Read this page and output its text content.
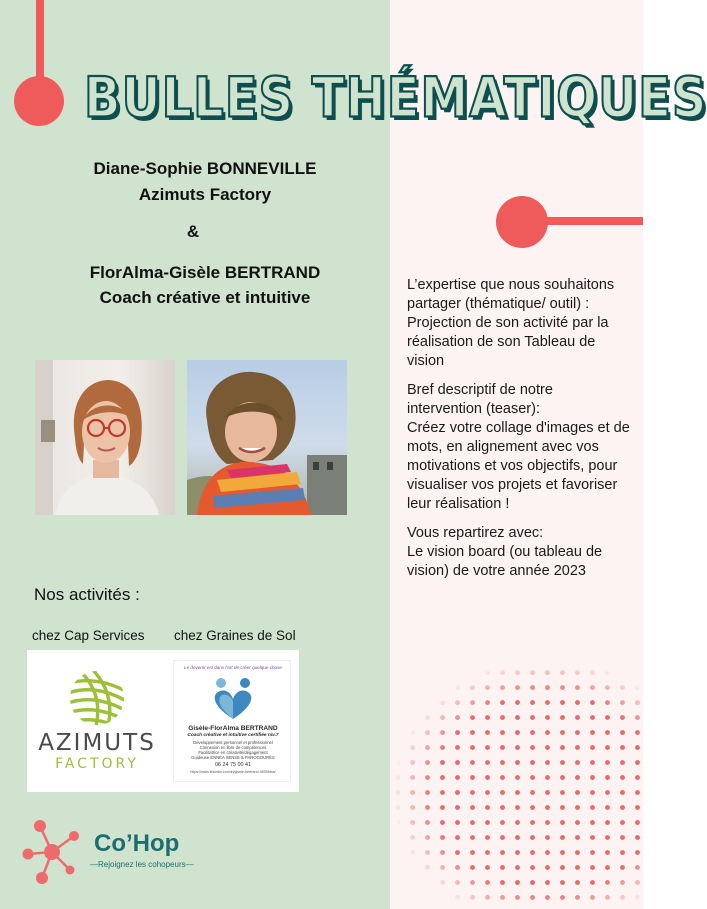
BULLES THÉMATIQUES
Diane-Sophie BONNEVILLE
Azimuts Factory
&
FlorAlma-Gisèle BERTRAND
Coach créative et intuitive

L’expertise que nous souhaitons
partager (thématique/ outil) :
Projection de son activité par la
réalisation de son Tableau de
vision

Bref descriptif de notre
intervention (teaser):
Créez votre collage d'images et de
mots, en alignement avec vos
motivations et vos objectifs, pour
visualiser vos projets et favoriser
leur réalisation !

Vous repartirez avec:
Le vision board (ou tableau de
vision) de votre année 2023

Nos activités :
chez Cap Services chez Graines de Sol
AZIMUTS
FACTORY
Le devenir est dans l'art de créer quelque chose
Gisèle-FlorAlma BERTRAND
Coach créative et intuitive certifiée niv.7
Développement personnel et professionnel
Connexion en libre de compétences
Facilitatrice en créativité/dégagement
Guideuse ENNÉA SENSE & PAROGOURÉS
06 24 75 00 41
https://www.linkedin.com/in/gisele-bertrand-9835fdba/
Co’Hop
—Rejoignez les cohopeurs—
